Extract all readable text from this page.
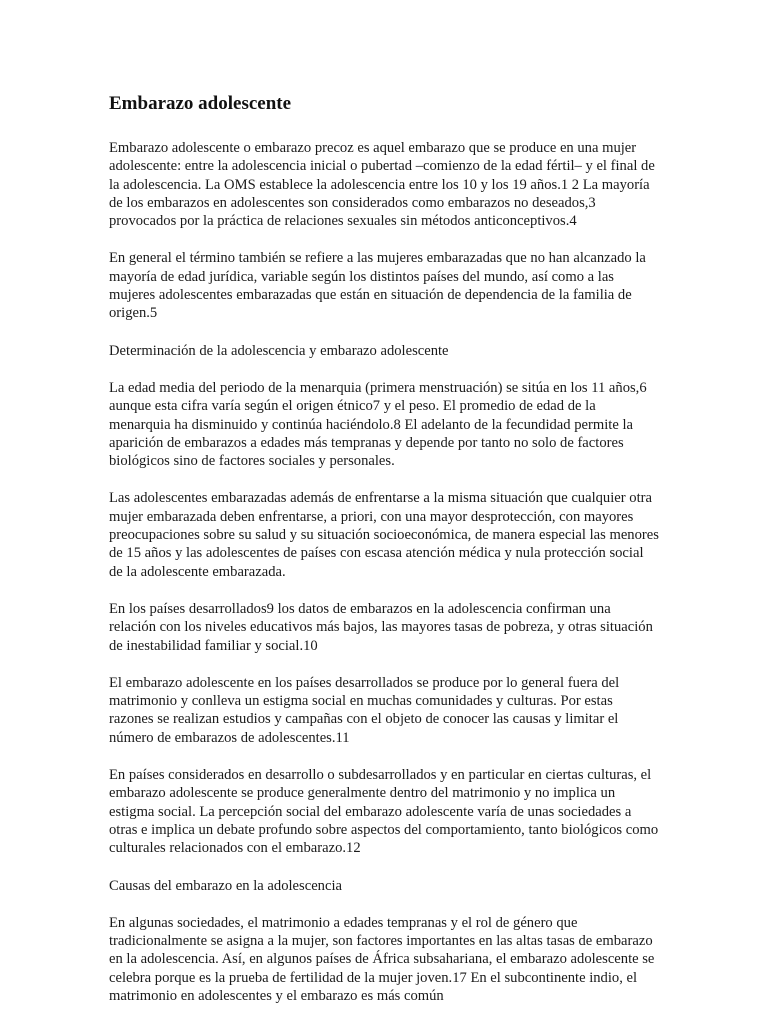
Embarazo adolescente

Embarazo adolescente o embarazo precoz es aquel embarazo que se produce en una mujer adolescente: entre la adolescencia inicial o pubertad –comienzo de la edad fértil– y el final de la adolescencia. La OMS establece la adolescencia entre los 10 y los 19 años.1 2 La mayoría de los embarazos en adolescentes son considerados como embarazos no deseados,3 provocados por la práctica de relaciones sexuales sin métodos anticonceptivos.4

En general el término también se refiere a las mujeres embarazadas que no han alcanzado la mayoría de edad jurídica, variable según los distintos países del mundo, así como a las mujeres adolescentes embarazadas que están en situación de dependencia de la familia de origen.5

Determinación de la adolescencia y embarazo adolescente

La edad media del periodo de la menarquia (primera menstruación) se sitúa en los 11 años,6 aunque esta cifra varía según el origen étnico7 y el peso. El promedio de edad de la menarquia ha disminuido y continúa haciéndolo.8 El adelanto de la fecundidad permite la aparición de embarazos a edades más tempranas y depende por tanto no solo de factores biológicos sino de factores sociales y personales.

Las adolescentes embarazadas además de enfrentarse a la misma situación que cualquier otra mujer embarazada deben enfrentarse, a priori, con una mayor desprotección, con mayores preocupaciones sobre su salud y su situación socioeconómica, de manera especial las menores de 15 años y las adolescentes de países con escasa atención médica y nula protección social de la adolescente embarazada.

En los países desarrollados9 los datos de embarazos en la adolescencia confirman una relación con los niveles educativos más bajos, las mayores tasas de pobreza, y otras situación de inestabilidad familiar y social.10

El embarazo adolescente en los países desarrollados se produce por lo general fuera del matrimonio y conlleva un estigma social en muchas comunidades y culturas. Por estas razones se realizan estudios y campañas con el objeto de conocer las causas y limitar el número de embarazos de adolescentes.11

En países considerados en desarrollo o subdesarrollados y en particular en ciertas culturas, el embarazo adolescente se produce generalmente dentro del matrimonio y no implica un estigma social. La percepción social del embarazo adolescente varía de unas sociedades a otras e implica un debate profundo sobre aspectos del comportamiento, tanto biológicos como culturales relacionados con el embarazo.12

Causas del embarazo en la adolescencia

En algunas sociedades, el matrimonio a edades tempranas y el rol de género que tradicionalmente se asigna a la mujer, son factores importantes en las altas tasas de embarazo en la adolescencia. Así, en algunos países de África subsahariana, el embarazo adolescente se celebra porque es la prueba de fertilidad de la mujer joven.17 En el subcontinente indio, el matrimonio en adolescentes y el embarazo es más común
